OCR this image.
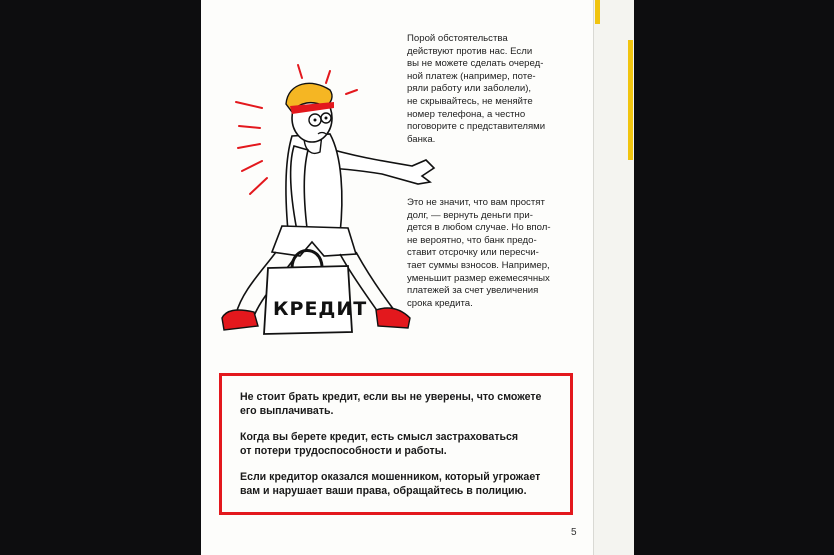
Порой обстоятельства
действуют против нас. Если
вы не можете сделать очеред-
ной платеж (например, поте-
ряли работу или заболели),
не скрывайтесь, не меняйте
номер телефона, а честно
поговорите с представителями
банка.
Это не значит, что вам простят
долг, — вернуть деньги при-
дется в любом случае. Но впол-
не вероятно, что банк предо-
ставит отсрочку или пересчи-
тает суммы взносов. Например,
уменьшит размер ежемесячных
платежей за счет увеличения
срока кредита.
КРЕДИТ

Не стоит брать кредит, если вы не уверены, что сможете
его выплачивать.

Когда вы берете кредит, есть смысл застраховаться
от потери трудоспособности и работы.

Если кредитор оказался мошенником, который угрожает
вам и нарушает ваши права, обращайтесь в полицию.

5
